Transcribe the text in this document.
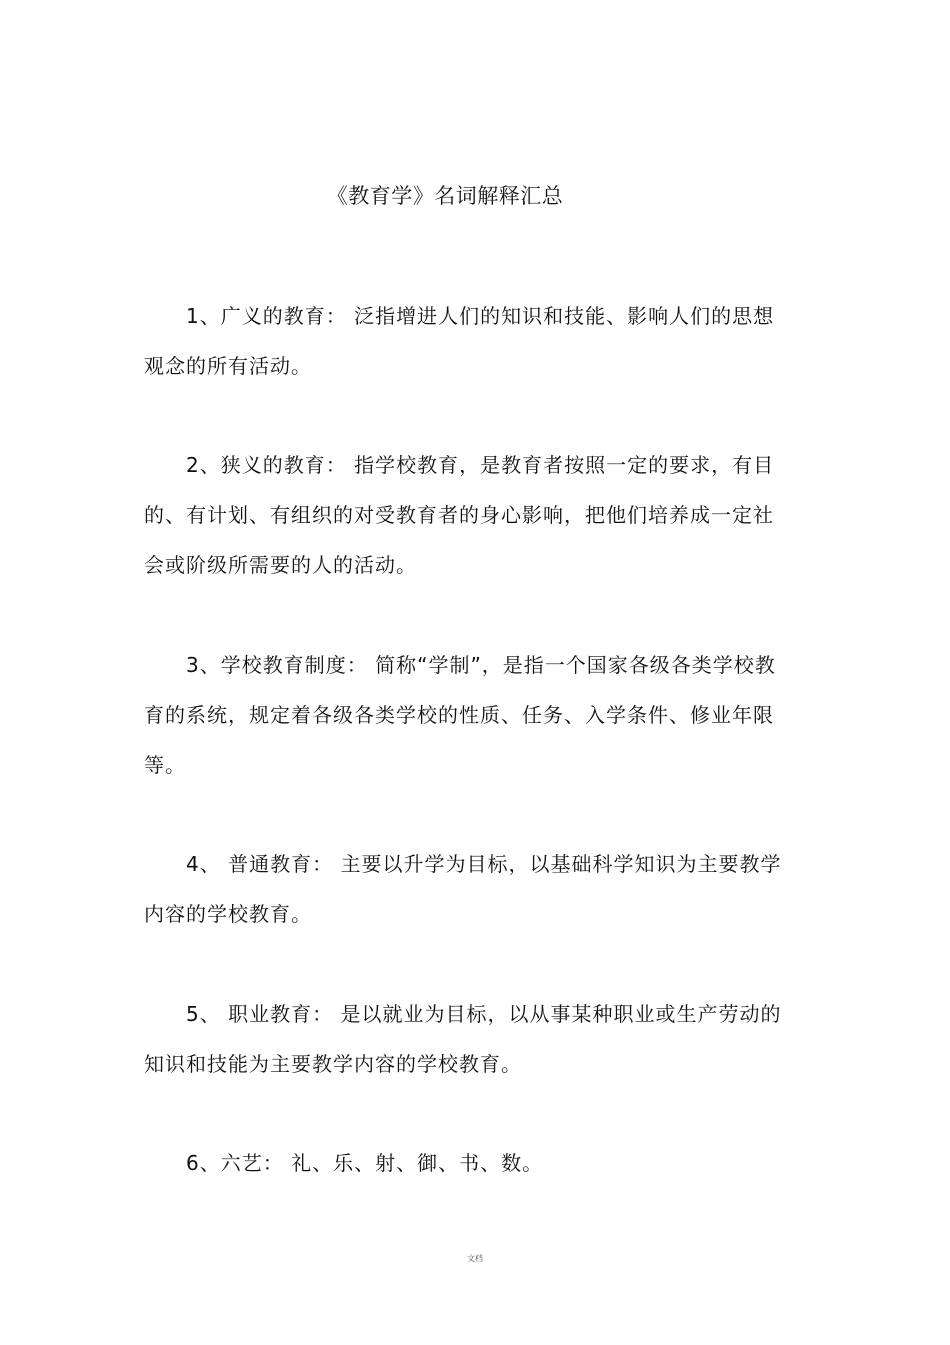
《教育学》名词解释汇总

1、广义的教育： 泛指增进人们的知识和技能、影响人们的思想观念的所有活动。

2、狭义的教育： 指学校教育，是教育者按照一定的要求，有目的、有计划、有组织的对受教育者的身心影响，把他们培养成一定社会或阶级所需要的人的活动。

3、学校教育制度： 简称“学制”，是指一个国家各级各类学校教育的系统，规定着各级各类学校的性质、任务、入学条件、修业年限等。

4、 普通教育： 主要以升学为目标，以基础科学知识为主要教学内容的学校教育。

5、 职业教育： 是以就业为目标，以从事某种职业或生产劳动的知识和技能为主要教学内容的学校教育。

6、六艺： 礼、乐、射、御、书、数。

文档
